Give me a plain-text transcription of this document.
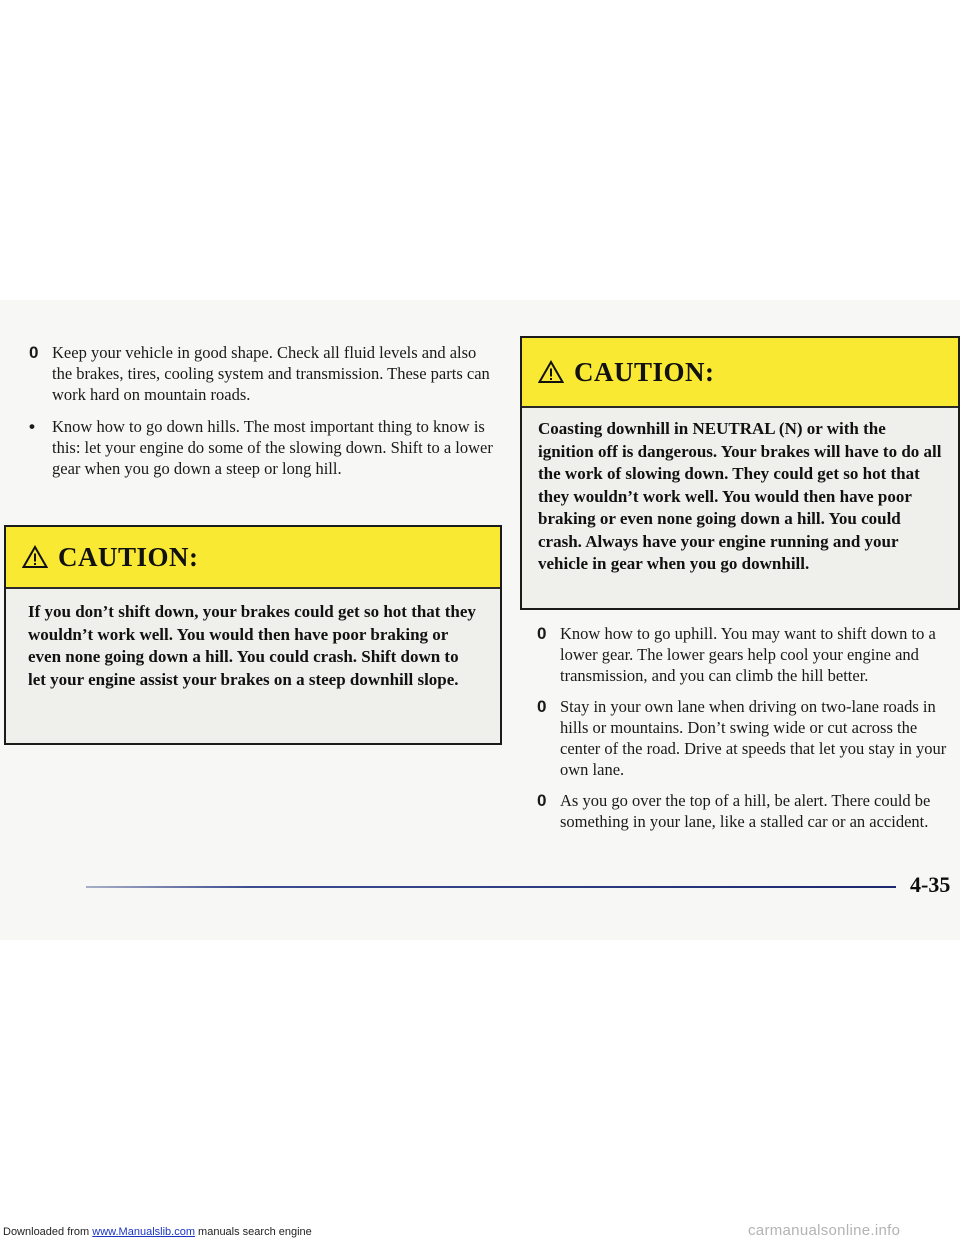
0 Keep your vehicle in good shape. Check all fluid levels and also the brakes, tires, cooling system and transmission. These parts can work hard on mountain roads.
• Know how to go down hills. The most important thing to know is this: let your engine do some of the slowing down. Shift to a lower gear when you go down a steep or long hill.
CAUTION:
If you don’t shift down, your brakes could get so hot that they wouldn’t work well. You would then have poor braking or even none going down a hill. You could crash. Shift down to let your engine assist your brakes on a steep downhill slope.
CAUTION:
Coasting downhill in NEUTRAL (N) or with the ignition off is dangerous. Your brakes will have to do all the work of slowing down. They could get so hot that they wouldn’t work well. You would then have poor braking or even none going down a hill. You could crash. Always have your engine running and your vehicle in gear when you go downhill.
0 Know how to go uphill. You may want to shift down to a lower gear. The lower gears help cool your engine and transmission, and you can climb the hill better.
0 Stay in your own lane when driving on two-lane roads in hills or mountains. Don’t swing wide or cut across the center of the road. Drive at speeds that let you stay in your own lane.
0 As you go over the top of a hill, be alert. There could be something in your lane, like a stalled car or an accident.
4-35
Downloaded from www.Manualslib.com manuals search engine	carmanualsonline.info
